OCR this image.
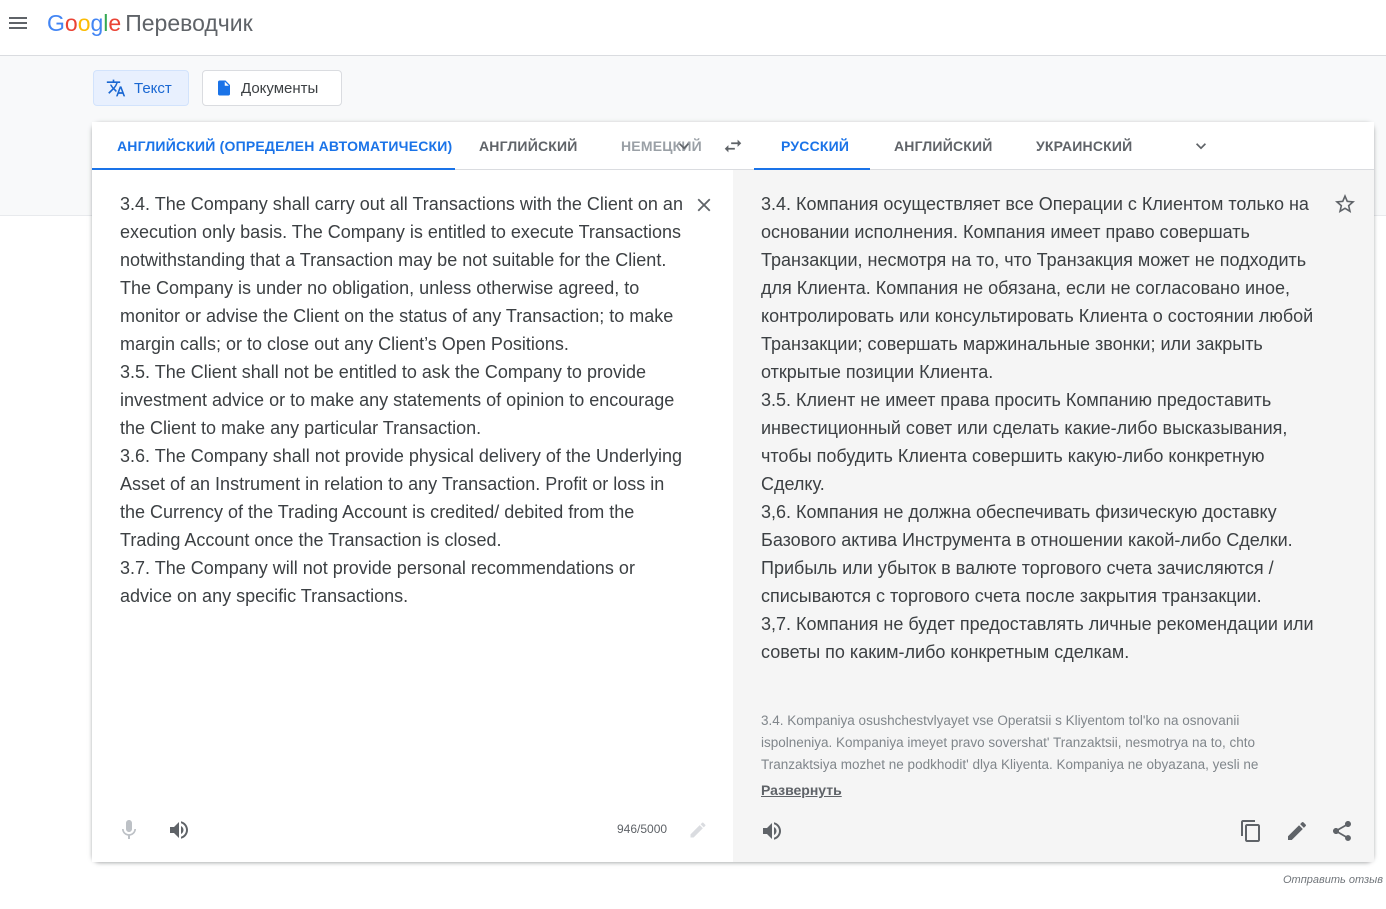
Google Переводчик
Текст	Документы
АНГЛИЙСКИЙ (ОПРЕДЕЛЕН АВТОМАТИЧЕСКИ) АНГЛИЙСКИЙ	НЕМЕЦКИЙ	РУССКИЙ	АНГЛИЙСКИЙ	УКРАИНСКИЙ
3.4. The Company shall carry out all Transactions with the Client on an execution only basis. The Company is entitled to execute Transactions notwithstanding that a Transaction may be not suitable for the Client. The Company is under no obligation, unless otherwise agreed, to monitor or advise the Client on the status of any Transaction; to make margin calls; or to close out any Client’s Open Positions.
3.5. The Client shall not be entitled to ask the Company to provide investment advice or to make any statements of opinion to encourage the Client to make any particular Transaction.
3.6. The Company shall not provide physical delivery of the Underlying Asset of an Instrument in relation to any Transaction. Profit or loss in the Currency of the Trading Account is credited/ debited from the Trading Account once the Transaction is closed.
3.7. The Company will not provide personal recommendations or advice on any specific Transactions.
946/5000
3.4. Компания осуществляет все Операции с Клиентом только на основании исполнения. Компания имеет право совершать Транзакции, несмотря на то, что Транзакция может не подходить для Клиента. Компания не обязана, если не согласовано иное, контролировать или консультировать Клиента о состоянии любой Транзакции; совершать маржинальные звонки; или закрыть открытые позиции Клиента.
3.5. Клиент не имеет права просить Компанию предоставить инвестиционный совет или сделать какие-либо высказывания, чтобы побудить Клиента совершить какую-либо конкретную Сделку.
3,6. Компания не должна обеспечивать физическую доставку Базового актива Инструмента в отношении какой-либо Сделки. Прибыль или убыток в валюте торгового счета зачисляются / списываются с торгового счета после закрытия транзакции.
3,7. Компания не будет предоставлять личные рекомендации или советы по каким-либо конкретным сделкам.
3.4. Kompaniya osushchestvlyayet vse Operatsii s Kliyentom tol'ko na osnovanii ispolneniya. Kompaniya imeyet pravo sovershat' Tranzaktsii, nesmotrya na to, chto Tranzaktsiya mozhet ne podkhodit' dlya Kliyenta. Kompaniya ne obyazana, yesli ne
Развернуть
Отправить отзыв
